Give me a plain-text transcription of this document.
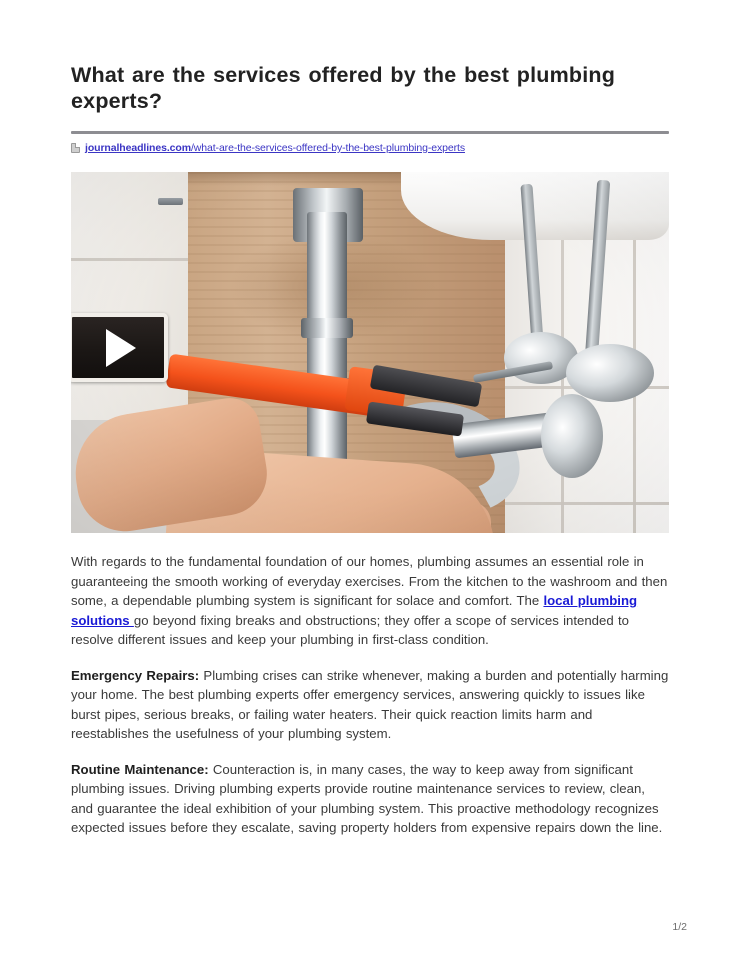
What are the services offered by the best plumbing experts?
journalheadlines.com/what-are-the-services-offered-by-the-best-plumbing-experts

With regards to the fundamental foundation of our homes, plumbing assumes an essential role in guaranteeing the smooth working of everyday exercises. From the kitchen to the washroom and then some, a dependable plumbing system is significant for solace and comfort. The local plumbing solutions go beyond fixing breaks and obstructions; they offer a scope of services intended to resolve different issues and keep your plumbing in first-class condition.

Emergency Repairs: Plumbing crises can strike whenever, making a burden and potentially harming your home. The best plumbing experts offer emergency services, answering quickly to issues like burst pipes, serious breaks, or failing water heaters. Their quick reaction limits harm and reestablishes the usefulness of your plumbing system.

Routine Maintenance: Counteraction is, in many cases, the way to keep away from significant plumbing issues. Driving plumbing experts provide routine maintenance services to review, clean, and guarantee the ideal exhibition of your plumbing system. This proactive methodology recognizes expected issues before they escalate, saving property holders from expensive repairs down the line.

1/2
